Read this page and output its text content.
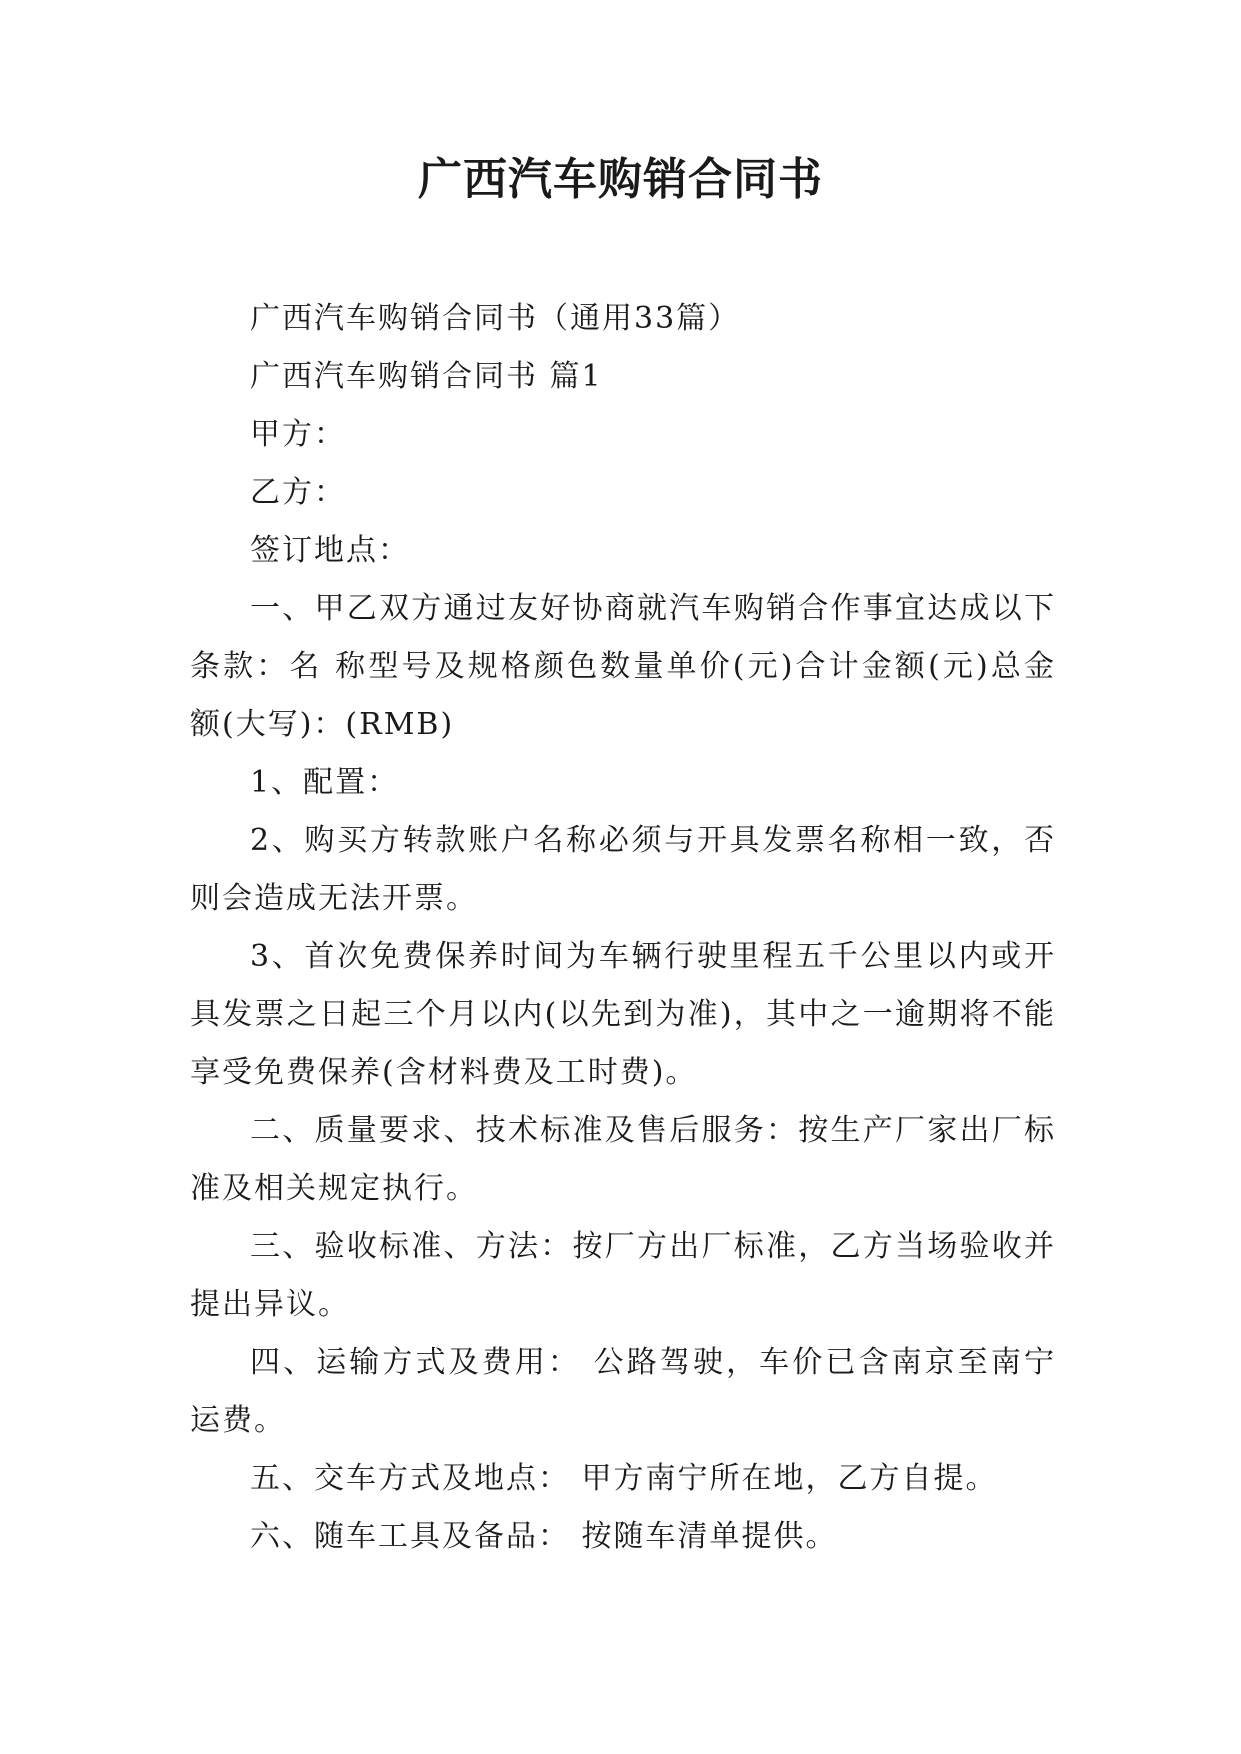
广西汽车购销合同书

广西汽车购销合同书（通用33篇）

广西汽车购销合同书 篇1

甲方：

乙方：

签订地点：

一、甲乙双方通过友好协商就汽车购销合作事宜达成以下条款：名 称型号及规格颜色数量单价(元)合计金额(元)总金额(大写)：(RMB)

1、配置：

2、购买方转款账户名称必须与开具发票名称相一致，否则会造成无法开票。

3、首次免费保养时间为车辆行驶里程五千公里以内或开具发票之日起三个月以内(以先到为准)，其中之一逾期将不能享受免费保养(含材料费及工时费)。

二、质量要求、技术标准及售后服务：按生产厂家出厂标准及相关规定执行。

三、验收标准、方法：按厂方出厂标准，乙方当场验收并提出异议。

四、运输方式及费用： 公路驾驶，车价已含南京至南宁运费。

五、交车方式及地点： 甲方南宁所在地，乙方自提。

六、随车工具及备品： 按随车清单提供。
